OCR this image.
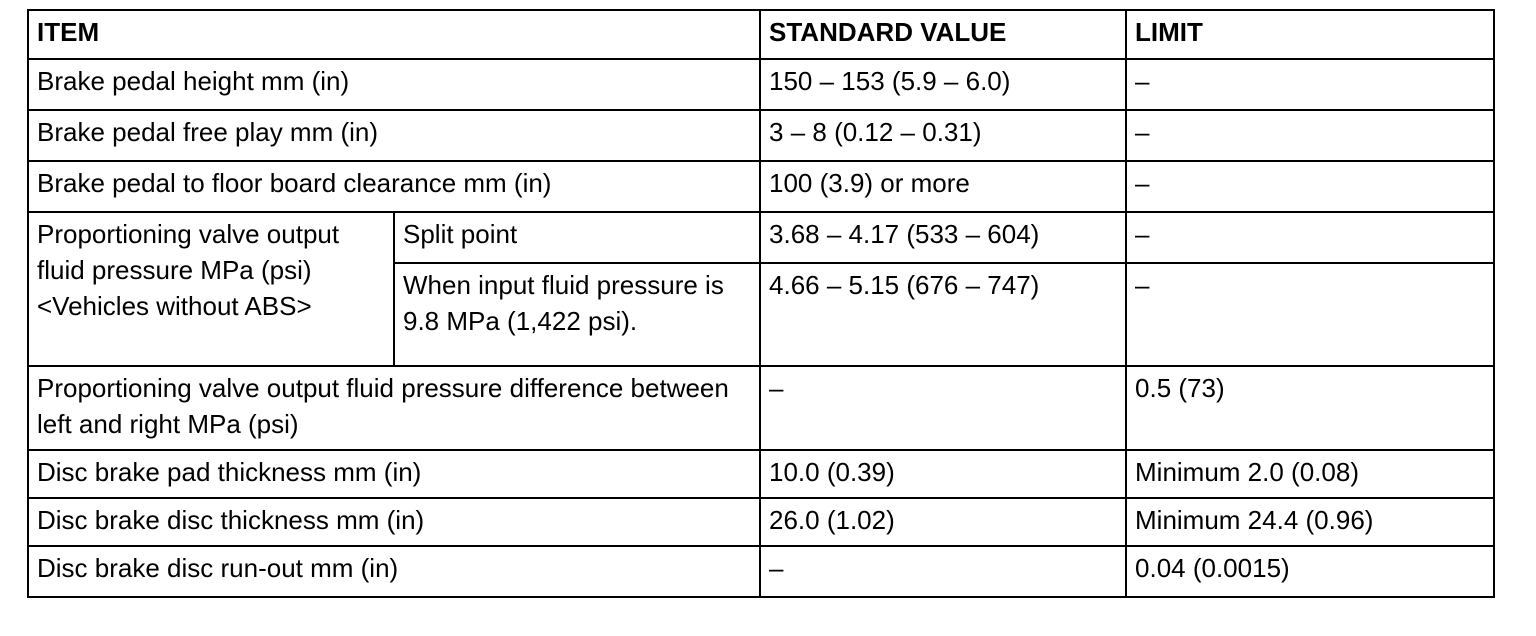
ITEM		STANDARD VALUE	LIMIT
Brake pedal height mm (in)		150 – 153 (5.9 – 6.0)	–
Brake pedal free play mm (in)		3 – 8 (0.12 – 0.31)	–
Brake pedal to floor board clearance mm (in)		100 (3.9) or more	–
Proportioning valve output fluid pressure MPa (psi) <Vehicles without ABS>	Split point	3.68 – 4.17 (533 – 604)	–
	When input fluid pressure is 9.8 MPa (1,422 psi).	4.66 – 5.15 (676 – 747)	–
Proportioning valve output fluid pressure difference between left and right MPa (psi)		–	0.5 (73)
Disc brake pad thickness mm (in)		10.0 (0.39)	Minimum 2.0 (0.08)
Disc brake disc thickness mm (in)		26.0 (1.02)	Minimum 24.4 (0.96)
Disc brake disc run-out mm (in)		–	0.04 (0.0015)
